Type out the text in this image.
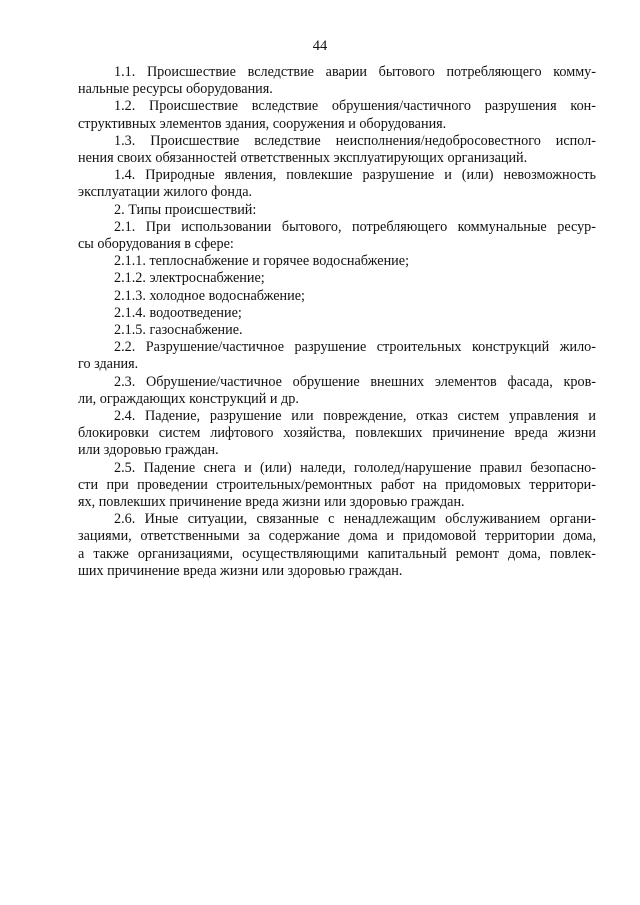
44

1.1. Происшествие вследствие аварии бытового потребляющего комму-
нальные ресурсы оборудования.

1.2. Происшествие вследствие обрушения/частичного разрушения кон-
структивных элементов здания, сооружения и оборудования.

1.3. Происшествие вследствие неисполнения/недобросовестного испол-
нения своих обязанностей ответственных эксплуатирующих организаций.

1.4. Природные явления, повлекшие разрушение и (или) невозможность
эксплуатации жилого фонда.

2. Типы происшествий:

2.1. При использовании бытового, потребляющего коммунальные ресур-
сы оборудования в сфере:

2.1.1. теплоснабжение и горячее водоснабжение;

2.1.2. электроснабжение;

2.1.3. холодное водоснабжение;

2.1.4. водоотведение;

2.1.5. газоснабжение.

2.2. Разрушение/частичное разрушение строительных конструкций жило-
го здания.

2.3. Обрушение/частичное обрушение внешних элементов фасада, кров-
ли, ограждающих конструкций и др.

2.4. Падение, разрушение или повреждение, отказ систем управления и
блокировки систем лифтового хозяйства, повлекших причинение вреда жизни
или здоровью граждан.

2.5. Падение снега и (или) наледи, гололед/нарушение правил безопасно-
сти при проведении строительных/ремонтных работ на придомовых территори-
ях, повлекших причинение вреда жизни или здоровью граждан.

2.6. Иные ситуации, связанные с ненадлежащим обслуживанием органи-
зациями, ответственными за содержание дома и придомовой территории дома,
а также организациями, осуществляющими капитальный ремонт дома, повлек-
ших причинение вреда жизни или здоровью граждан.
